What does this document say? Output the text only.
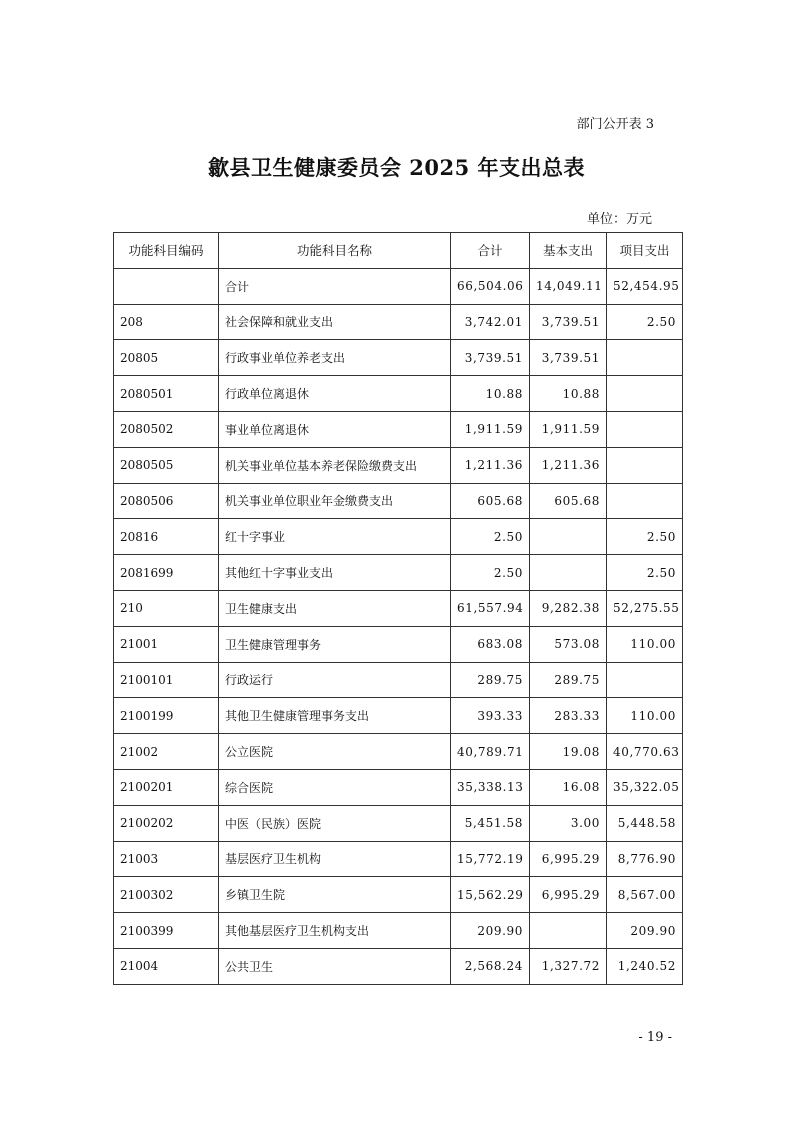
部门公开表 3
歙县卫生健康委员会 2025 年支出总表
单位：万元
功能科目编码	功能科目名称	合计	基本支出	项目支出
	合计	66,504.06	14,049.11	52,454.95
208	社会保障和就业支出	3,742.01	3,739.51	2.50
20805	行政事业单位养老支出	3,739.51	3,739.51	
2080501	行政单位离退休	10.88	10.88	
2080502	事业单位离退休	1,911.59	1,911.59	
2080505	机关事业单位基本养老保险缴费支出	1,211.36	1,211.36	
2080506	机关事业单位职业年金缴费支出	605.68	605.68	
20816	红十字事业	2.50		2.50
2081699	其他红十字事业支出	2.50		2.50
210	卫生健康支出	61,557.94	9,282.38	52,275.55
21001	卫生健康管理事务	683.08	573.08	110.00
2100101	行政运行	289.75	289.75	
2100199	其他卫生健康管理事务支出	393.33	283.33	110.00
21002	公立医院	40,789.71	19.08	40,770.63
2100201	综合医院	35,338.13	16.08	35,322.05
2100202	中医（民族）医院	5,451.58	3.00	5,448.58
21003	基层医疗卫生机构	15,772.19	6,995.29	8,776.90
2100302	乡镇卫生院	15,562.29	6,995.29	8,567.00
2100399	其他基层医疗卫生机构支出	209.90		209.90
21004	公共卫生	2,568.24	1,327.72	1,240.52
- 19 -
